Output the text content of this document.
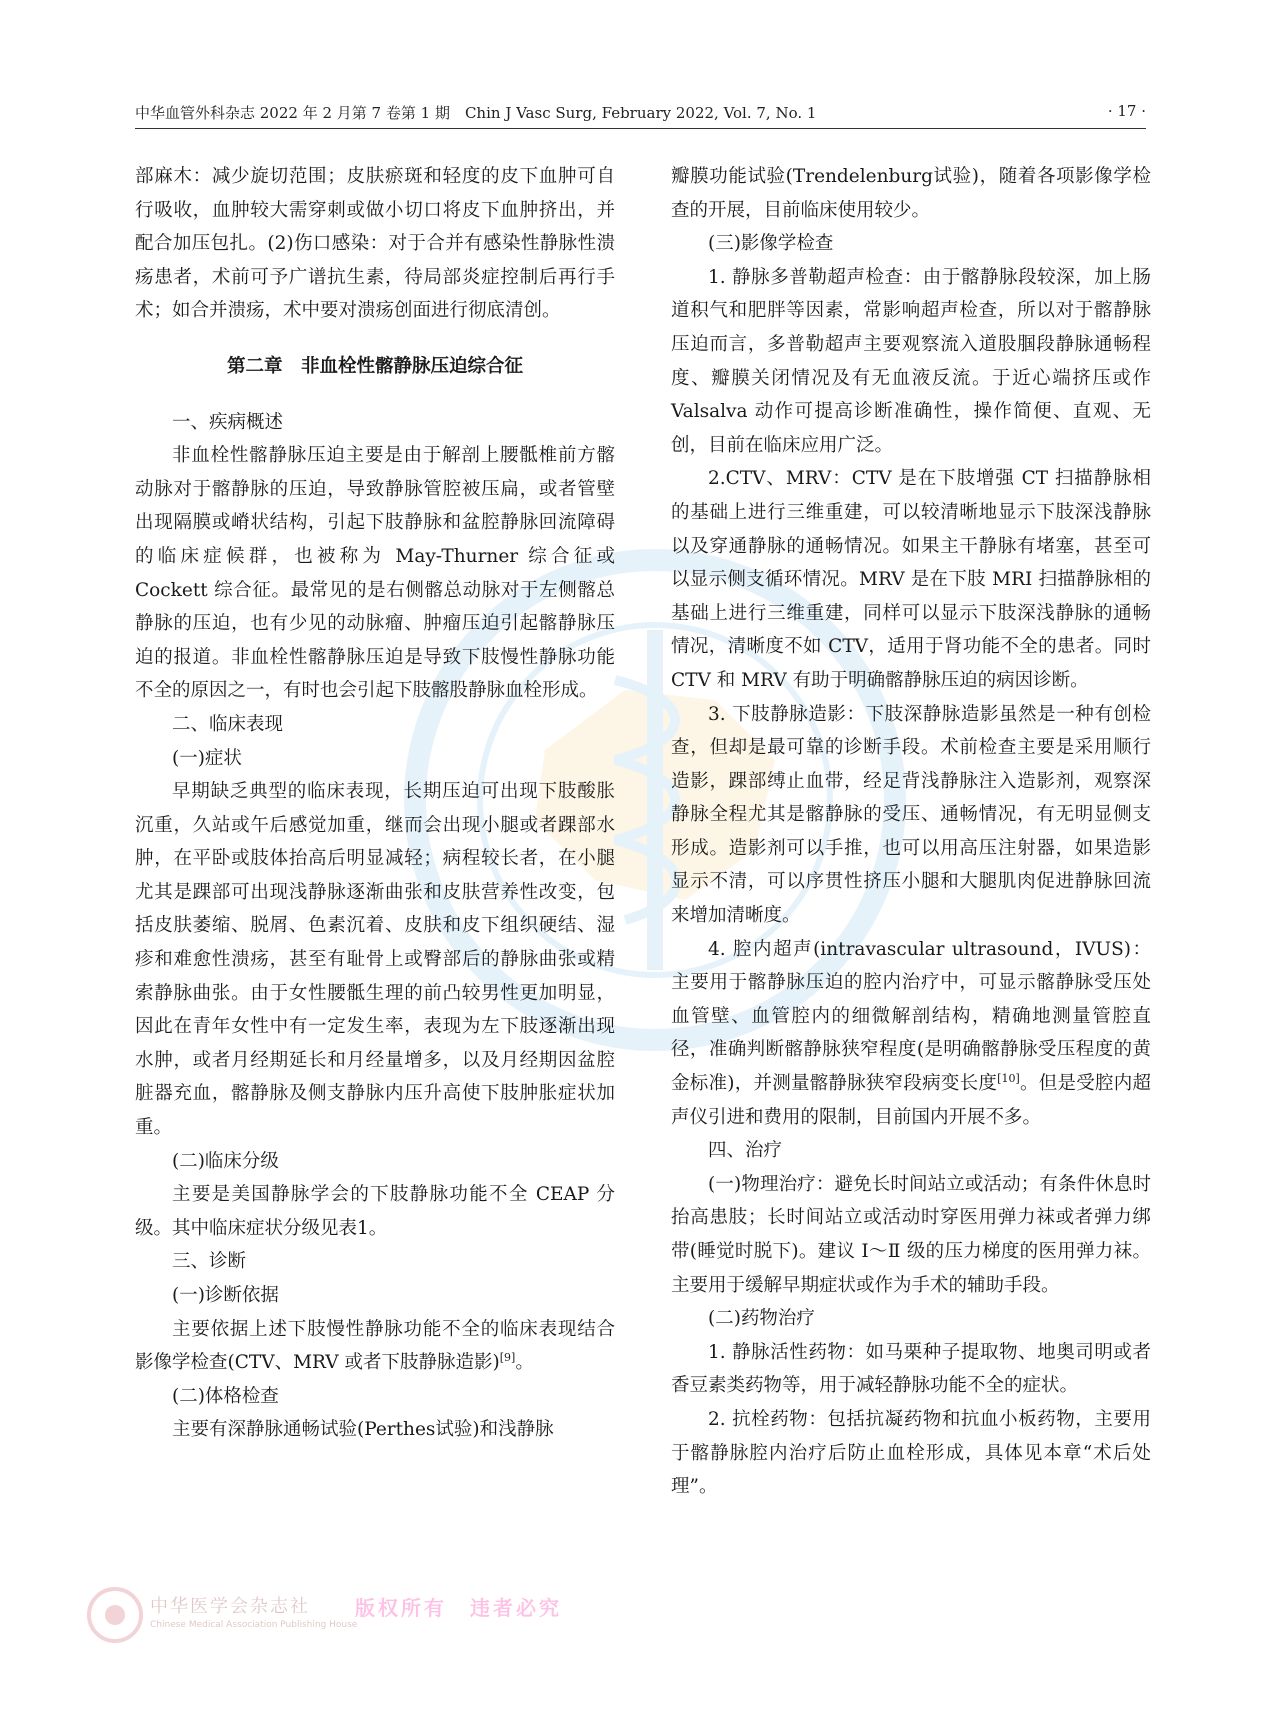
中华血管外科杂志 2022 年 2 月第 7 卷第 1 期　Chin J Vasc Surg, February 2022, Vol. 7, No. 1	· 17 ·

部麻木：减少旋切范围；皮肤瘀斑和轻度的皮下血肿可自行吸收，血肿较大需穿刺或做小切口将皮下血肿挤出，并配合加压包扎。(2)伤口感染：对于合并有感染性静脉性溃疡患者，术前可予广谱抗生素，待局部炎症控制后再行手术；如合并溃疡，术中要对溃疡创面进行彻底清创。

第二章　非血栓性髂静脉压迫综合征

一、疾病概述

非血栓性髂静脉压迫主要是由于解剖上腰骶椎前方髂动脉对于髂静脉的压迫，导致静脉管腔被压扁，或者管壁出现隔膜或嵴状结构，引起下肢静脉和盆腔静脉回流障碍的临床症候群，也被称为 May-Thurner 综合征或 Cockett 综合征。最常见的是右侧髂总动脉对于左侧髂总静脉的压迫，也有少见的动脉瘤、肿瘤压迫引起髂静脉压迫的报道。非血栓性髂静脉压迫是导致下肢慢性静脉功能不全的原因之一，有时也会引起下肢髂股静脉血栓形成。

二、临床表现

(一)症状

早期缺乏典型的临床表现，长期压迫可出现下肢酸胀沉重，久站或午后感觉加重，继而会出现小腿或者踝部水肿，在平卧或肢体抬高后明显减轻；病程较长者，在小腿尤其是踝部可出现浅静脉逐渐曲张和皮肤营养性改变，包括皮肤萎缩、脱屑、色素沉着、皮肤和皮下组织硬结、湿疹和难愈性溃疡，甚至有耻骨上或臀部后的静脉曲张或精索静脉曲张。由于女性腰骶生理的前凸较男性更加明显，因此在青年女性中有一定发生率，表现为左下肢逐渐出现水肿，或者月经期延长和月经量增多，以及月经期因盆腔脏器充血，髂静脉及侧支静脉内压升高使下肢肿胀症状加重。

(二)临床分级

主要是美国静脉学会的下肢静脉功能不全 CEAP 分级。其中临床症状分级见表1。

三、诊断

(一)诊断依据

主要依据上述下肢慢性静脉功能不全的临床表现结合影像学检查(CTV、MRV 或者下肢静脉造影)[9]。

(二)体格检查

主要有深静脉通畅试验(Perthes试验)和浅静脉

瓣膜功能试验(Trendelenburg试验)，随着各项影像学检查的开展，目前临床使用较少。

(三)影像学检查

1. 静脉多普勒超声检查：由于髂静脉段较深，加上肠道积气和肥胖等因素，常影响超声检查，所以对于髂静脉压迫而言，多普勒超声主要观察流入道股腘段静脉通畅程度、瓣膜关闭情况及有无血液反流。于近心端挤压或作 Valsalva 动作可提高诊断准确性，操作简便、直观、无创，目前在临床应用广泛。

2.CTV、MRV：CTV 是在下肢增强 CT 扫描静脉相的基础上进行三维重建，可以较清晰地显示下肢深浅静脉以及穿通静脉的通畅情况。如果主干静脉有堵塞，甚至可以显示侧支循环情况。MRV 是在下肢 MRI 扫描静脉相的基础上进行三维重建，同样可以显示下肢深浅静脉的通畅情况，清晰度不如 CTV，适用于肾功能不全的患者。同时 CTV 和 MRV 有助于明确髂静脉压迫的病因诊断。

3. 下肢静脉造影：下肢深静脉造影虽然是一种有创检查，但却是最可靠的诊断手段。术前检查主要是采用顺行造影，踝部缚止血带，经足背浅静脉注入造影剂，观察深静脉全程尤其是髂静脉的受压、通畅情况，有无明显侧支形成。造影剂可以手推，也可以用高压注射器，如果造影显示不清，可以序贯性挤压小腿和大腿肌肉促进静脉回流来增加清晰度。

4. 腔内超声(intravascular ultrasound，IVUS)：主要用于髂静脉压迫的腔内治疗中，可显示髂静脉受压处血管壁、血管腔内的细微解剖结构，精确地测量管腔直径，准确判断髂静脉狭窄程度(是明确髂静脉受压程度的黄金标准)，并测量髂静脉狭窄段病变长度[10]。但是受腔内超声仪引进和费用的限制，目前国内开展不多。

四、治疗

(一)物理治疗：避免长时间站立或活动；有条件休息时抬高患肢；长时间站立或活动时穿医用弹力袜或者弹力绑带(睡觉时脱下)。建议 Ⅰ～Ⅱ 级的压力梯度的医用弹力袜。主要用于缓解早期症状或作为手术的辅助手段。

(二)药物治疗

1. 静脉活性药物：如马栗种子提取物、地奥司明或者香豆素类药物等，用于减轻静脉功能不全的症状。

2. 抗栓药物：包括抗凝药物和抗血小板药物，主要用于髂静脉腔内治疗后防止血栓形成，具体见本章“术后处理”。

中华医学会杂志社
Chinese Medical Association Publishing House
版权所有　违者必究
